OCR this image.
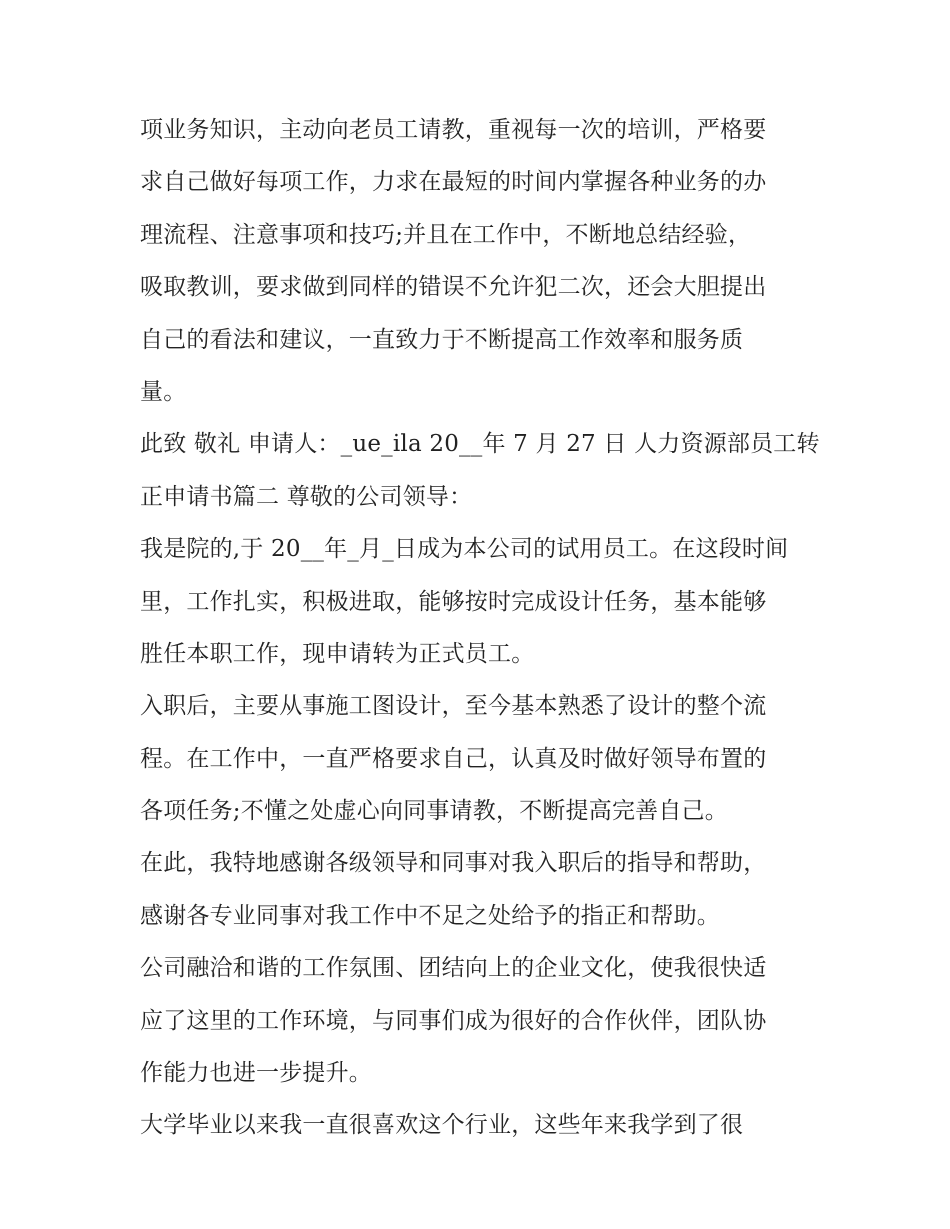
项业务知识，主动向老员工请教，重视每一次的培训，严格要
求自己做好每项工作，力求在最短的时间内掌握各种业务的办
理流程、注意事项和技巧;并且在工作中，不断地总结经验，
吸取教训，要求做到同样的错误不允许犯二次，还会大胆提出
自己的看法和建议，一直致力于不断提高工作效率和服务质
量。
此致 敬礼 申请人：_ue_ila 20__年 7 月 27 日 人力资源部员工转
正申请书篇二 尊敬的公司领导：
我是院的,于 20__年_月_日成为本公司的试用员工。在这段时间
里，工作扎实，积极进取，能够按时完成设计任务，基本能够
胜任本职工作，现申请转为正式员工。
入职后，主要从事施工图设计，至今基本熟悉了设计的整个流
程。在工作中，一直严格要求自己，认真及时做好领导布置的
各项任务;不懂之处虚心向同事请教，不断提高完善自己。
在此，我特地感谢各级领导和同事对我入职后的指导和帮助，
感谢各专业同事对我工作中不足之处给予的指正和帮助。
公司融洽和谐的工作氛围、团结向上的企业文化，使我很快适
应了这里的工作环境，与同事们成为很好的合作伙伴，团队协
作能力也进一步提升。
大学毕业以来我一直很喜欢这个行业，这些年来我学到了很
